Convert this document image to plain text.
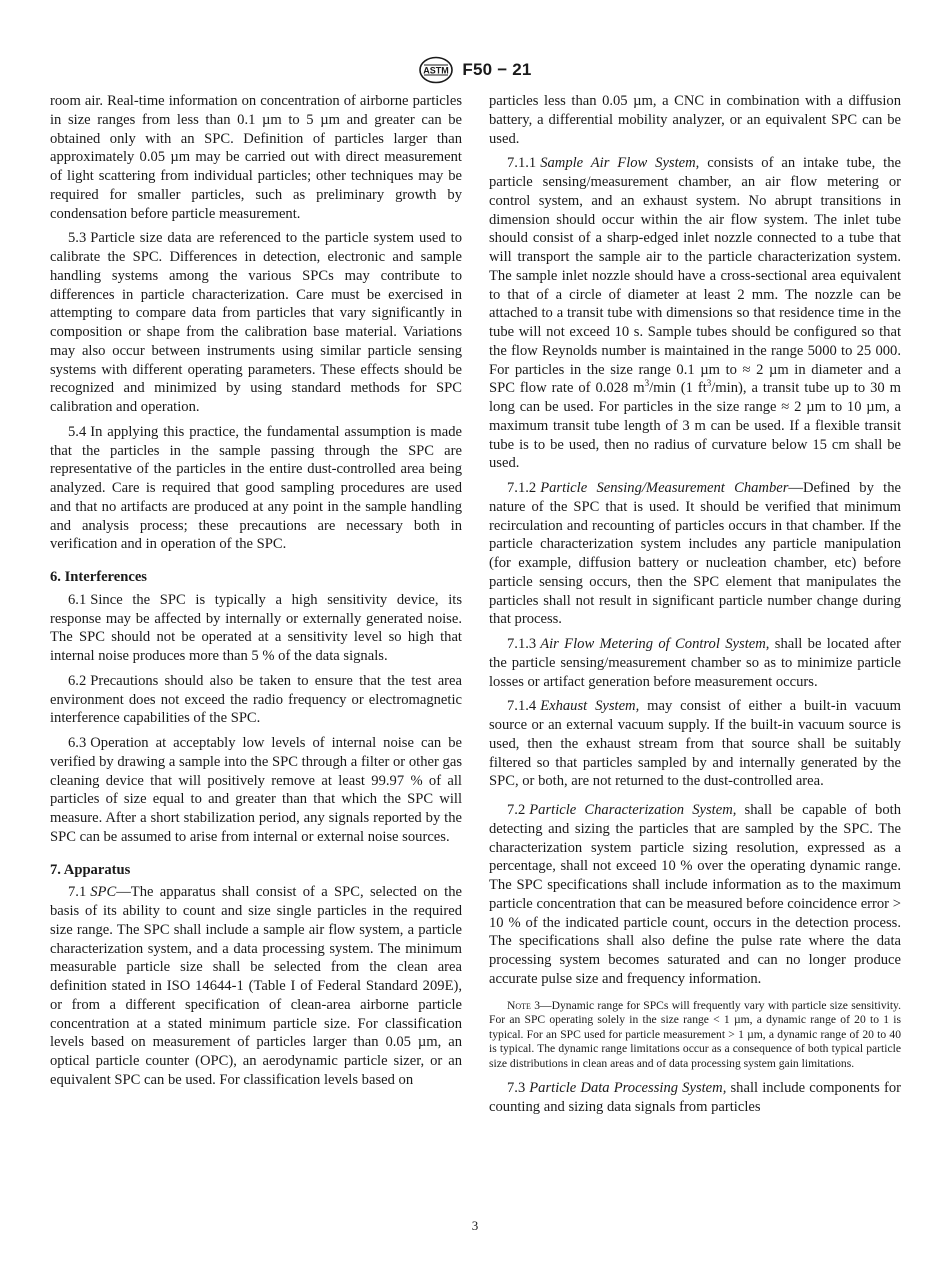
ASTM F50 − 21

room air. Real-time information on concentration of airborne particles in size ranges from less than 0.1 µm to 5 µm and greater can be obtained only with an SPC. Definition of particles larger than approximately 0.05 µm may be carried out with direct measurement of light scattering from individual particles; other techniques may be required for smaller particles, such as preliminary growth by condensation before particle measurement.

5.3 Particle size data are referenced to the particle system used to calibrate the SPC. Differences in detection, electronic and sample handling systems among the various SPCs may contribute to differences in particle characterization. Care must be exercised in attempting to compare data from particles that vary significantly in composition or shape from the calibration base material. Variations may also occur between instruments using similar particle sensing systems with different operating parameters. These effects should be recognized and minimized by using standard methods for SPC calibration and operation.

5.4 In applying this practice, the fundamental assumption is made that the particles in the sample passing through the SPC are representative of the particles in the entire dust-controlled area being analyzed. Care is required that good sampling procedures are used and that no artifacts are produced at any point in the sample handling and analysis process; these precautions are necessary both in verification and in operation of the SPC.

6. Interferences

6.1 Since the SPC is typically a high sensitivity device, its response may be affected by internally or externally generated noise. The SPC should not be operated at a sensitivity level so high that internal noise produces more than 5 % of the data signals.

6.2 Precautions should also be taken to ensure that the test area environment does not exceed the radio frequency or electromagnetic interference capabilities of the SPC.

6.3 Operation at acceptably low levels of internal noise can be verified by drawing a sample into the SPC through a filter or other gas cleaning device that will positively remove at least 99.97 % of all particles of size equal to and greater than that which the SPC will measure. After a short stabilization period, any signals reported by the SPC can be assumed to arise from internal or external noise sources.

7. Apparatus

7.1 SPC—The apparatus shall consist of a SPC, selected on the basis of its ability to count and size single particles in the required size range. The SPC shall include a sample air flow system, a particle characterization system, and a data processing system. The minimum measurable particle size shall be selected from the clean area definition stated in ISO 14644-1 (Table I of Federal Standard 209E), or from a different specification of clean-area airborne particle concentration at a stated minimum particle size. For classification levels based on measurement of particles larger than 0.05 µm, an optical particle counter (OPC), an aerodynamic particle sizer, or an equivalent SPC can be used. For classification levels based on

particles less than 0.05 µm, a CNC in combination with a diffusion battery, a differential mobility analyzer, or an equivalent SPC can be used.

7.1.1 Sample Air Flow System, consists of an intake tube, the particle sensing/measurement chamber, an air flow metering or control system, and an exhaust system. No abrupt transitions in dimension should occur within the air flow system. The inlet tube should consist of a sharp-edged inlet nozzle connected to a tube that will transport the sample air to the particle characterization system. The sample inlet nozzle should have a cross-sectional area equivalent to that of a circle of diameter at least 2 mm. The nozzle can be attached to a transit tube with dimensions so that residence time in the tube will not exceed 10 s. Sample tubes should be configured so that the flow Reynolds number is maintained in the range 5000 to 25 000. For particles in the size range 0.1 µm to ≈ 2 µm in diameter and a SPC flow rate of 0.028 $m^3/\min$ (1 $ft^3/\min$), a transit tube up to 30 m long can be used. For particles in the size range ≈ 2 µm to 10 µm, a maximum transit tube length of 3 m can be used. If a flexible transit tube is to be used, then no radius of curvature below 15 cm shall be used.

7.1.2 Particle Sensing/Measurement Chamber—Defined by the nature of the SPC that is used. It should be verified that minimum recirculation and recounting of particles occurs in that chamber. If the particle characterization system includes any particle manipulation (for example, diffusion battery or nucleation chamber, etc) before particle sensing occurs, then the SPC element that manipulates the particles shall not result in significant particle number change during that process.

7.1.3 Air Flow Metering of Control System, shall be located after the particle sensing/measurement chamber so as to minimize particle losses or artifact generation before measurement occurs.

7.1.4 Exhaust System, may consist of either a built-in vacuum source or an external vacuum supply. If the built-in vacuum source is used, then the exhaust stream from that source shall be suitably filtered so that particles sampled by and internally generated by the SPC, or both, are not returned to the dust-controlled area.

7.2 Particle Characterization System, shall be capable of both detecting and sizing the particles that are sampled by the SPC. The characterization system particle sizing resolution, expressed as a percentage, shall not exceed 10 % over the operating dynamic range. The SPC specifications shall include information as to the maximum particle concentration that can be measured before coincidence error > 10 % of the indicated particle count, occurs in the detection process. The specifications shall also define the pulse rate where the data processing system becomes saturated and can no longer produce accurate pulse size and frequency information.

Note 3—Dynamic range for SPCs will frequently vary with particle size sensitivity. For an SPC operating solely in the size range < 1 µm, a dynamic range of 20 to 1 is typical. For an SPC used for particle measurement > 1 µm, a dynamic range of 20 to 40 is typical. The dynamic range limitations occur as a consequence of both typical particle size distributions in clean areas and of data processing system gain limitations.

7.3 Particle Data Processing System, shall include components for counting and sizing data signals from particles

3
